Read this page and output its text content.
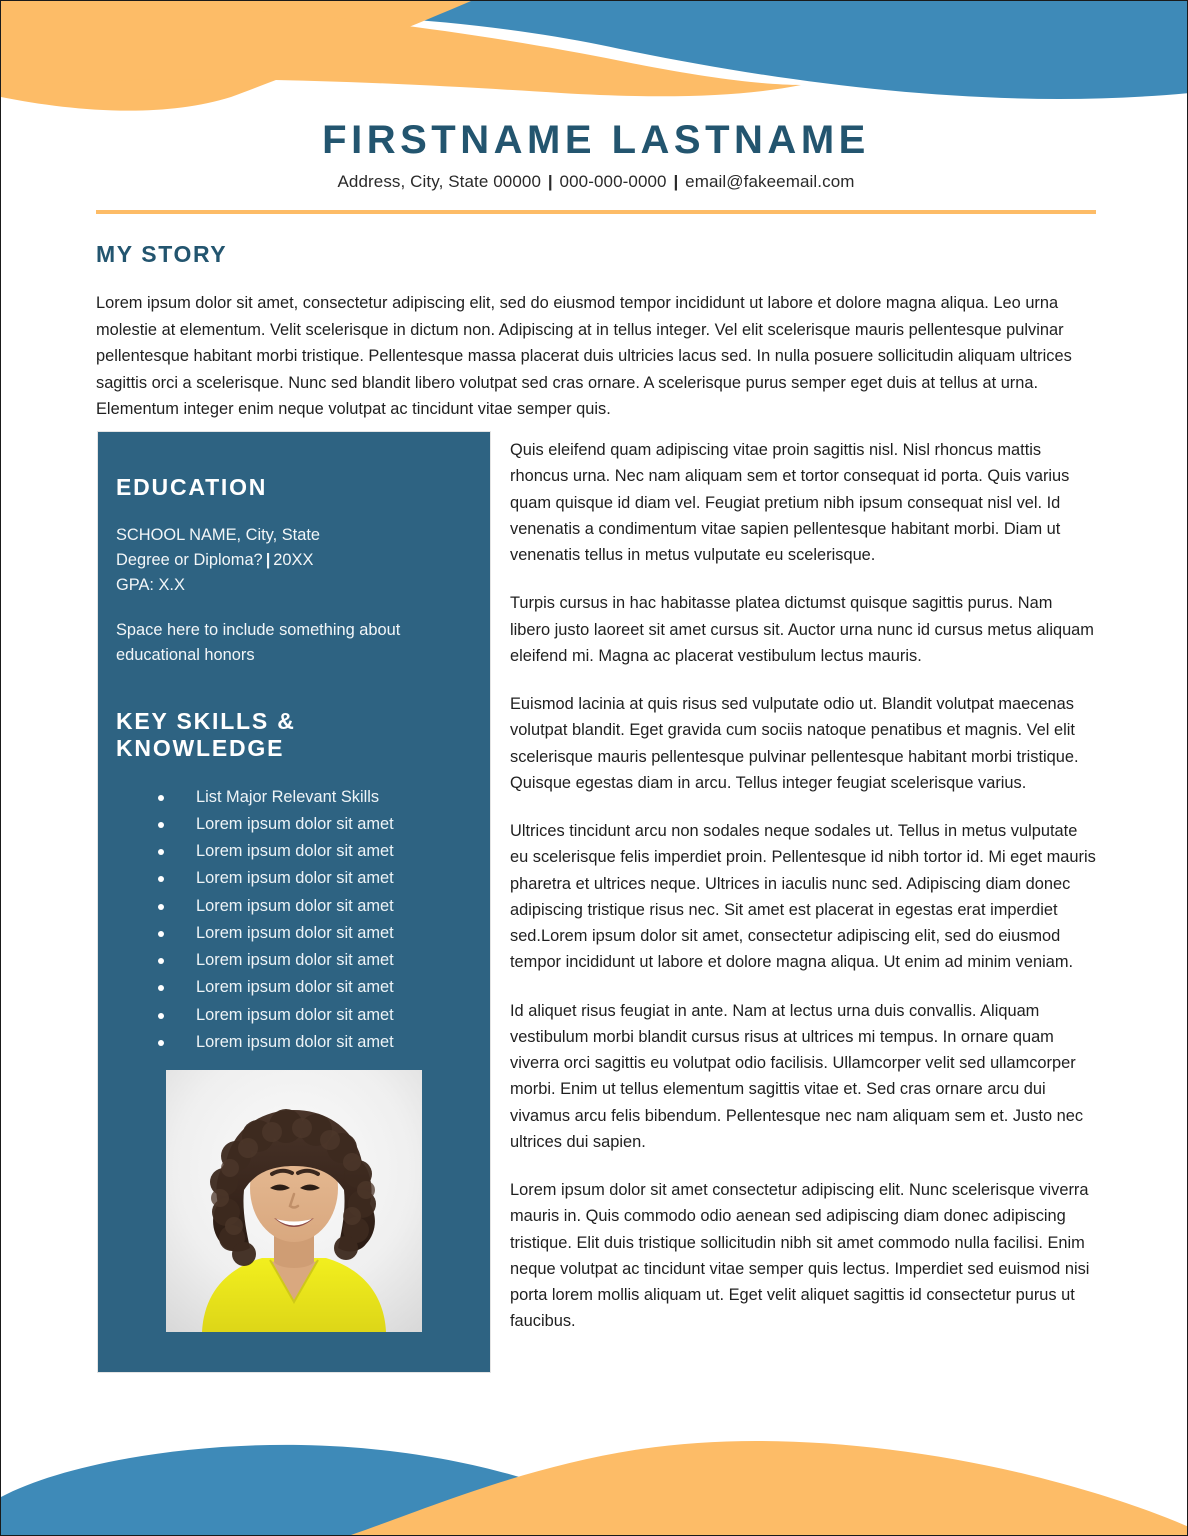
FIRSTNAME LASTNAME
Address, City, State 00000 | 000-000-0000 | email@fakeemail.com
MY STORY
Lorem ipsum dolor sit amet, consectetur adipiscing elit, sed do eiusmod tempor incididunt ut labore et dolore magna aliqua. Leo urna molestie at elementum. Velit scelerisque in dictum non. Adipiscing at in tellus integer. Vel elit scelerisque mauris pellentesque pulvinar pellentesque habitant morbi tristique. Pellentesque massa placerat duis ultricies lacus sed. In nulla posuere sollicitudin aliquam ultrices sagittis orci a scelerisque. Nunc sed blandit libero volutpat sed cras ornare. A scelerisque purus semper eget duis at tellus at urna. Elementum integer enim neque volutpat ac tincidunt vitae semper quis.
EDUCATION
SCHOOL NAME, City, State
Degree or Diploma? | 20XX
GPA: X.X
Space here to include something about educational honors
KEY SKILLS & KNOWLEDGE
List Major Relevant Skills
Lorem ipsum dolor sit amet
Lorem ipsum dolor sit amet
Lorem ipsum dolor sit amet
Lorem ipsum dolor sit amet
Lorem ipsum dolor sit amet
Lorem ipsum dolor sit amet
Lorem ipsum dolor sit amet
Lorem ipsum dolor sit amet
Lorem ipsum dolor sit amet

Quis eleifend quam adipiscing vitae proin sagittis nisl. Nisl rhoncus mattis rhoncus urna. Nec nam aliquam sem et tortor consequat id porta. Quis varius quam quisque id diam vel. Feugiat pretium nibh ipsum consequat nisl vel. Id venenatis a condimentum vitae sapien pellentesque habitant morbi. Diam ut venenatis tellus in metus vulputate eu scelerisque.

Turpis cursus in hac habitasse platea dictumst quisque sagittis purus. Nam libero justo laoreet sit amet cursus sit. Auctor urna nunc id cursus metus aliquam eleifend mi. Magna ac placerat vestibulum lectus mauris.

Euismod lacinia at quis risus sed vulputate odio ut. Blandit volutpat maecenas volutpat blandit. Eget gravida cum sociis natoque penatibus et magnis. Vel elit scelerisque mauris pellentesque pulvinar pellentesque habitant morbi tristique. Quisque egestas diam in arcu. Tellus integer feugiat scelerisque varius.

Ultrices tincidunt arcu non sodales neque sodales ut. Tellus in metus vulputate eu scelerisque felis imperdiet proin. Pellentesque id nibh tortor id. Mi eget mauris pharetra et ultrices neque. Ultrices in iaculis nunc sed. Adipiscing diam donec adipiscing tristique risus nec. Sit amet est placerat in egestas erat imperdiet sed.Lorem ipsum dolor sit amet, consectetur adipiscing elit, sed do eiusmod tempor incididunt ut labore et dolore magna aliqua. Ut enim ad minim veniam.

Id aliquet risus feugiat in ante. Nam at lectus urna duis convallis. Aliquam vestibulum morbi blandit cursus risus at ultrices mi tempus. In ornare quam viverra orci sagittis eu volutpat odio facilisis. Ullamcorper velit sed ullamcorper morbi. Enim ut tellus elementum sagittis vitae et. Sed cras ornare arcu dui vivamus arcu felis bibendum. Pellentesque nec nam aliquam sem et. Justo nec ultrices dui sapien.

Lorem ipsum dolor sit amet consectetur adipiscing elit. Nunc scelerisque viverra mauris in. Quis commodo odio aenean sed adipiscing diam donec adipiscing tristique. Elit duis tristique sollicitudin nibh sit amet commodo nulla facilisi. Enim neque volutpat ac tincidunt vitae semper quis lectus. Imperdiet sed euismod nisi porta lorem mollis aliquam ut. Eget velit aliquet sagittis id consectetur purus ut faucibus.
